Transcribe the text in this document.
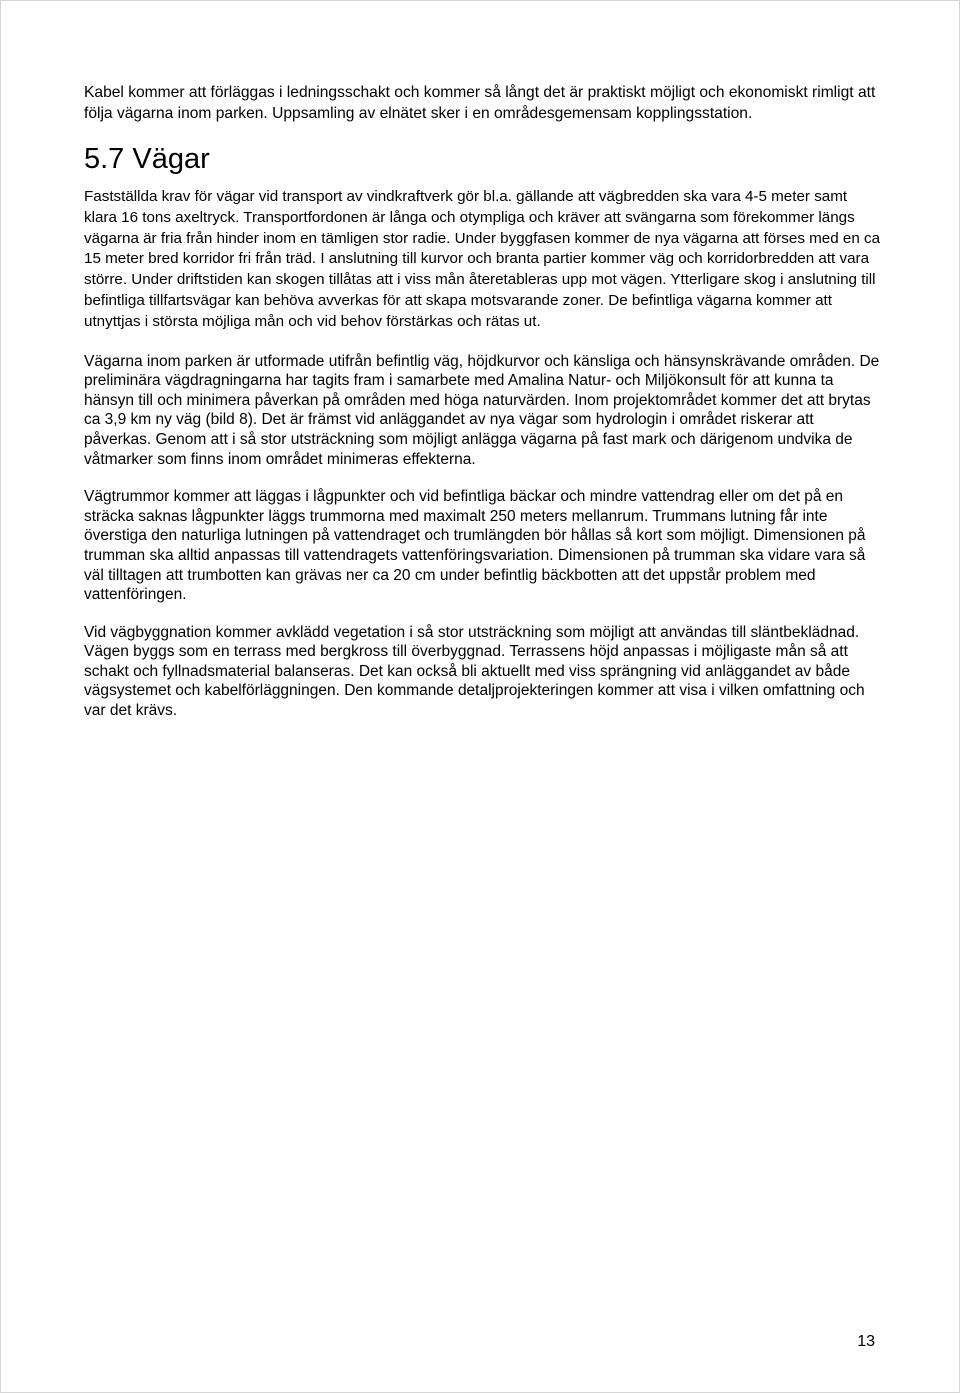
Kabel kommer att förläggas i ledningsschakt och kommer så långt det är praktiskt möjligt och ekonomiskt rimligt att följa vägarna inom parken. Uppsamling av elnätet sker i en områdesgemensam kopplingsstation.

5.7 Vägar

Fastställda krav för vägar vid transport av vindkraftverk gör bl.a. gällande att vägbredden ska vara 4-5 meter samt klara 16 tons axeltryck. Transportfordonen är långa och otympliga och kräver att svängarna som förekommer längs vägarna är fria från hinder inom en tämligen stor radie. Under byggfasen kommer de nya vägarna att förses med en ca 15 meter bred korridor fri från träd. I anslutning till kurvor och branta partier kommer väg och korridorbredden att vara större. Under driftstiden kan skogen tillåtas att i viss mån återetableras upp mot vägen. Ytterligare skog i anslutning till befintliga tillfartsvägar kan behöva avverkas för att skapa motsvarande zoner. De befintliga vägarna kommer att utnyttjas i största möjliga mån och vid behov förstärkas och rätas ut.

Vägarna inom parken är utformade utifrån befintlig väg, höjdkurvor och känsliga och hänsynskrävande områden. De preliminära vägdragningarna har tagits fram i samarbete med Amalina Natur- och Miljökonsult för att kunna ta hänsyn till och minimera påverkan på områden med höga naturvärden. Inom projektområdet kommer det att brytas ca 3,9 km ny väg (bild 8). Det är främst vid anläggandet av nya vägar som hydrologin i området riskerar att påverkas. Genom att i så stor utsträckning som möjligt anlägga vägarna på fast mark och därigenom undvika de våtmarker som finns inom området minimeras effekterna.

Vägtrummor kommer att läggas i lågpunkter och vid befintliga bäckar och mindre vattendrag eller om det på en sträcka saknas lågpunkter läggs trummorna med maximalt 250 meters mellanrum. Trummans lutning får inte överstiga den naturliga lutningen på vattendraget och trumlängden bör hållas så kort som möjligt. Dimensionen på trumman ska alltid anpassas till vattendragets vattenföringsvariation. Dimensionen på trumman ska vidare vara så väl tilltagen att trumbotten kan grävas ner ca 20 cm under befintlig bäckbotten att det uppstår problem med vattenföringen.

Vid vägbyggnation kommer avklädd vegetation i så stor utsträckning som möjligt att användas till släntbeklädnad. Vägen byggs som en terrass med bergkross till överbyggnad. Terrassens höjd anpassas i möjligaste mån så att schakt och fyllnadsmaterial balanseras. Det kan också bli aktuellt med viss sprängning vid anläggandet av både vägsystemet och kabelförläggningen. Den kommande detaljprojekteringen kommer att visa i vilken omfattning och var det krävs.

13
